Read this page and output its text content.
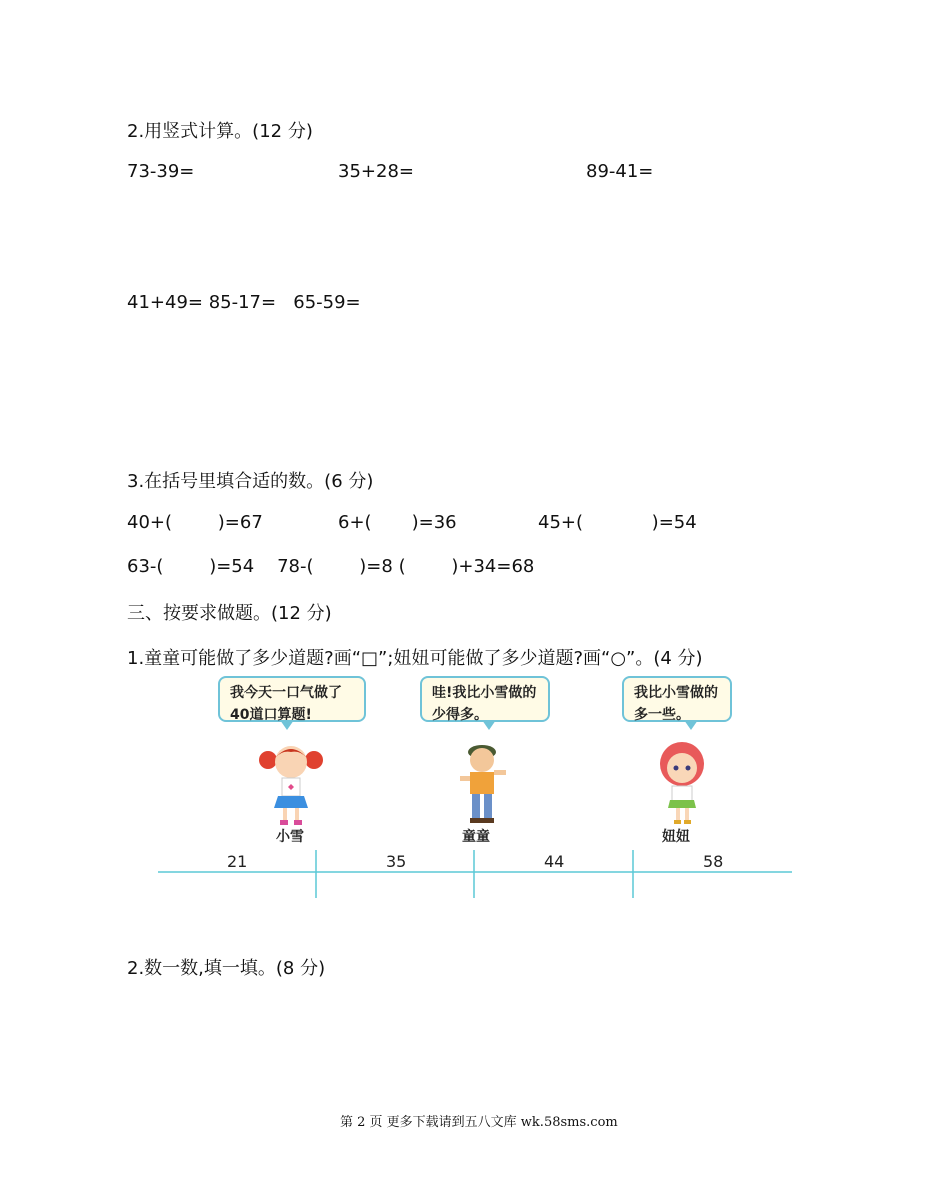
2.用竖式计算。(12 分)
73-39=	35+28=	89-41=
41+49= 85-17=   65-59=
3.在括号里填合适的数。(6 分)
40+(        )=67	6+(       )=36	45+(            )=54
63-(        )=54    78-(        )=8 (        )+34=68
三、按要求做题。(12 分)
1.童童可能做了多少道题?画“□”;妞妞可能做了多少道题?画“○”。(4 分)
我今天一口气做了40道口算题!
哇!我比小雪做的少得多。
我比小雪做的多一些。
小雪	童童	妞妞
21	35	44	58
2.数一数,填一填。(8 分)
第 2 页 更多下载请到五八文库 wk.58sms.com
